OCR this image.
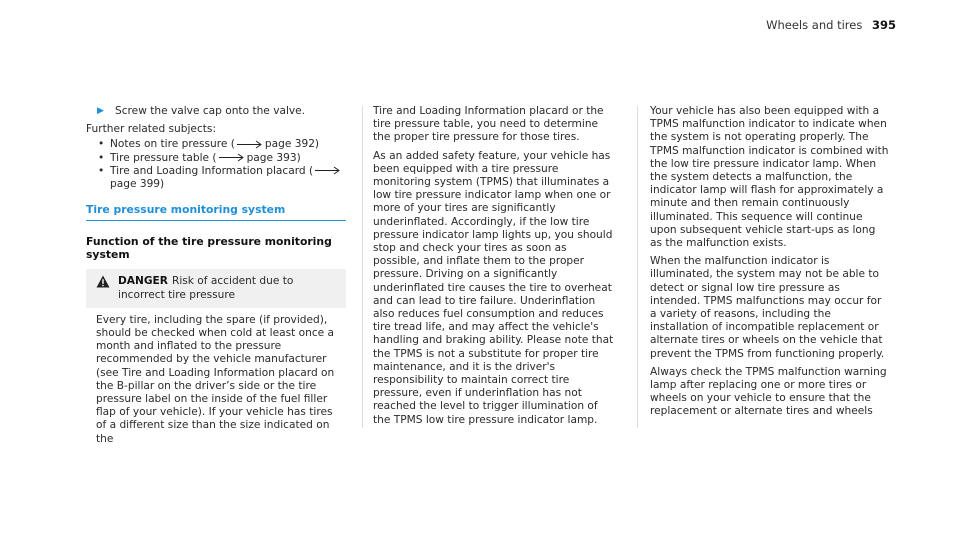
Wheels and tires 395
▶	Screw the valve cap onto the valve.
Further related subjects:
• Notes on tire pressure (	page 392)
• Tire pressure table (	page 393)
• Tire and Loading Information placard (page 399)
Tire pressure monitoring system
Function of the tire pressure monitoring system
DANGER Risk of accident due to incorrect tire pressure
Every tire, including the spare (if provided), should be checked when cold at least once a month and inflated to the pressure recommended by the vehicle manufacturer (see Tire and Loading Information placard on the B-pillar on the driver’s side or the tire pressure label on the inside of the fuel filler flap of your vehicle). If your vehicle has tires of a different size than the size indicated on the

Tire and Loading Information placard or the tire pressure table, you need to determine the proper tire pressure for those tires.

As an added safety feature, your vehicle has been equipped with a tire pressure monitoring system (TPMS) that illuminates a low tire pressure indicator lamp when one or more of your tires are significantly underinflated. Accordingly, if the low tire pressure indicator lamp lights up, you should stop and check your tires as soon as possible, and inflate them to the proper pressure. Driving on a significantly underinflated tire causes the tire to overheat and can lead to tire failure. Underinflation also reduces fuel consumption and reduces tire tread life, and may affect the vehicle's handling and braking ability. Please note that the TPMS is not a substitute for proper tire maintenance, and it is the driver's responsibility to maintain correct tire pressure, even if underinflation has not reached the level to trigger illumination of the TPMS low tire pressure indicator lamp.

Your vehicle has also been equipped with a TPMS malfunction indicator to indicate when the system is not operating properly. The TPMS malfunction indicator is combined with the low tire pressure indicator lamp. When the system detects a malfunction, the indicator lamp will flash for approximately a minute and then remain continuously illuminated. This sequence will continue upon subsequent vehicle start-ups as long as the malfunction exists.

When the malfunction indicator is illuminated, the system may not be able to detect or signal low tire pressure as intended. TPMS malfunctions may occur for a variety of reasons, including the installation of incompatible replacement or alternate tires or wheels on the vehicle that prevent the TPMS from functioning properly.

Always check the TPMS malfunction warning lamp after replacing one or more tires or wheels on your vehicle to ensure that the replacement or alternate tires and wheels
